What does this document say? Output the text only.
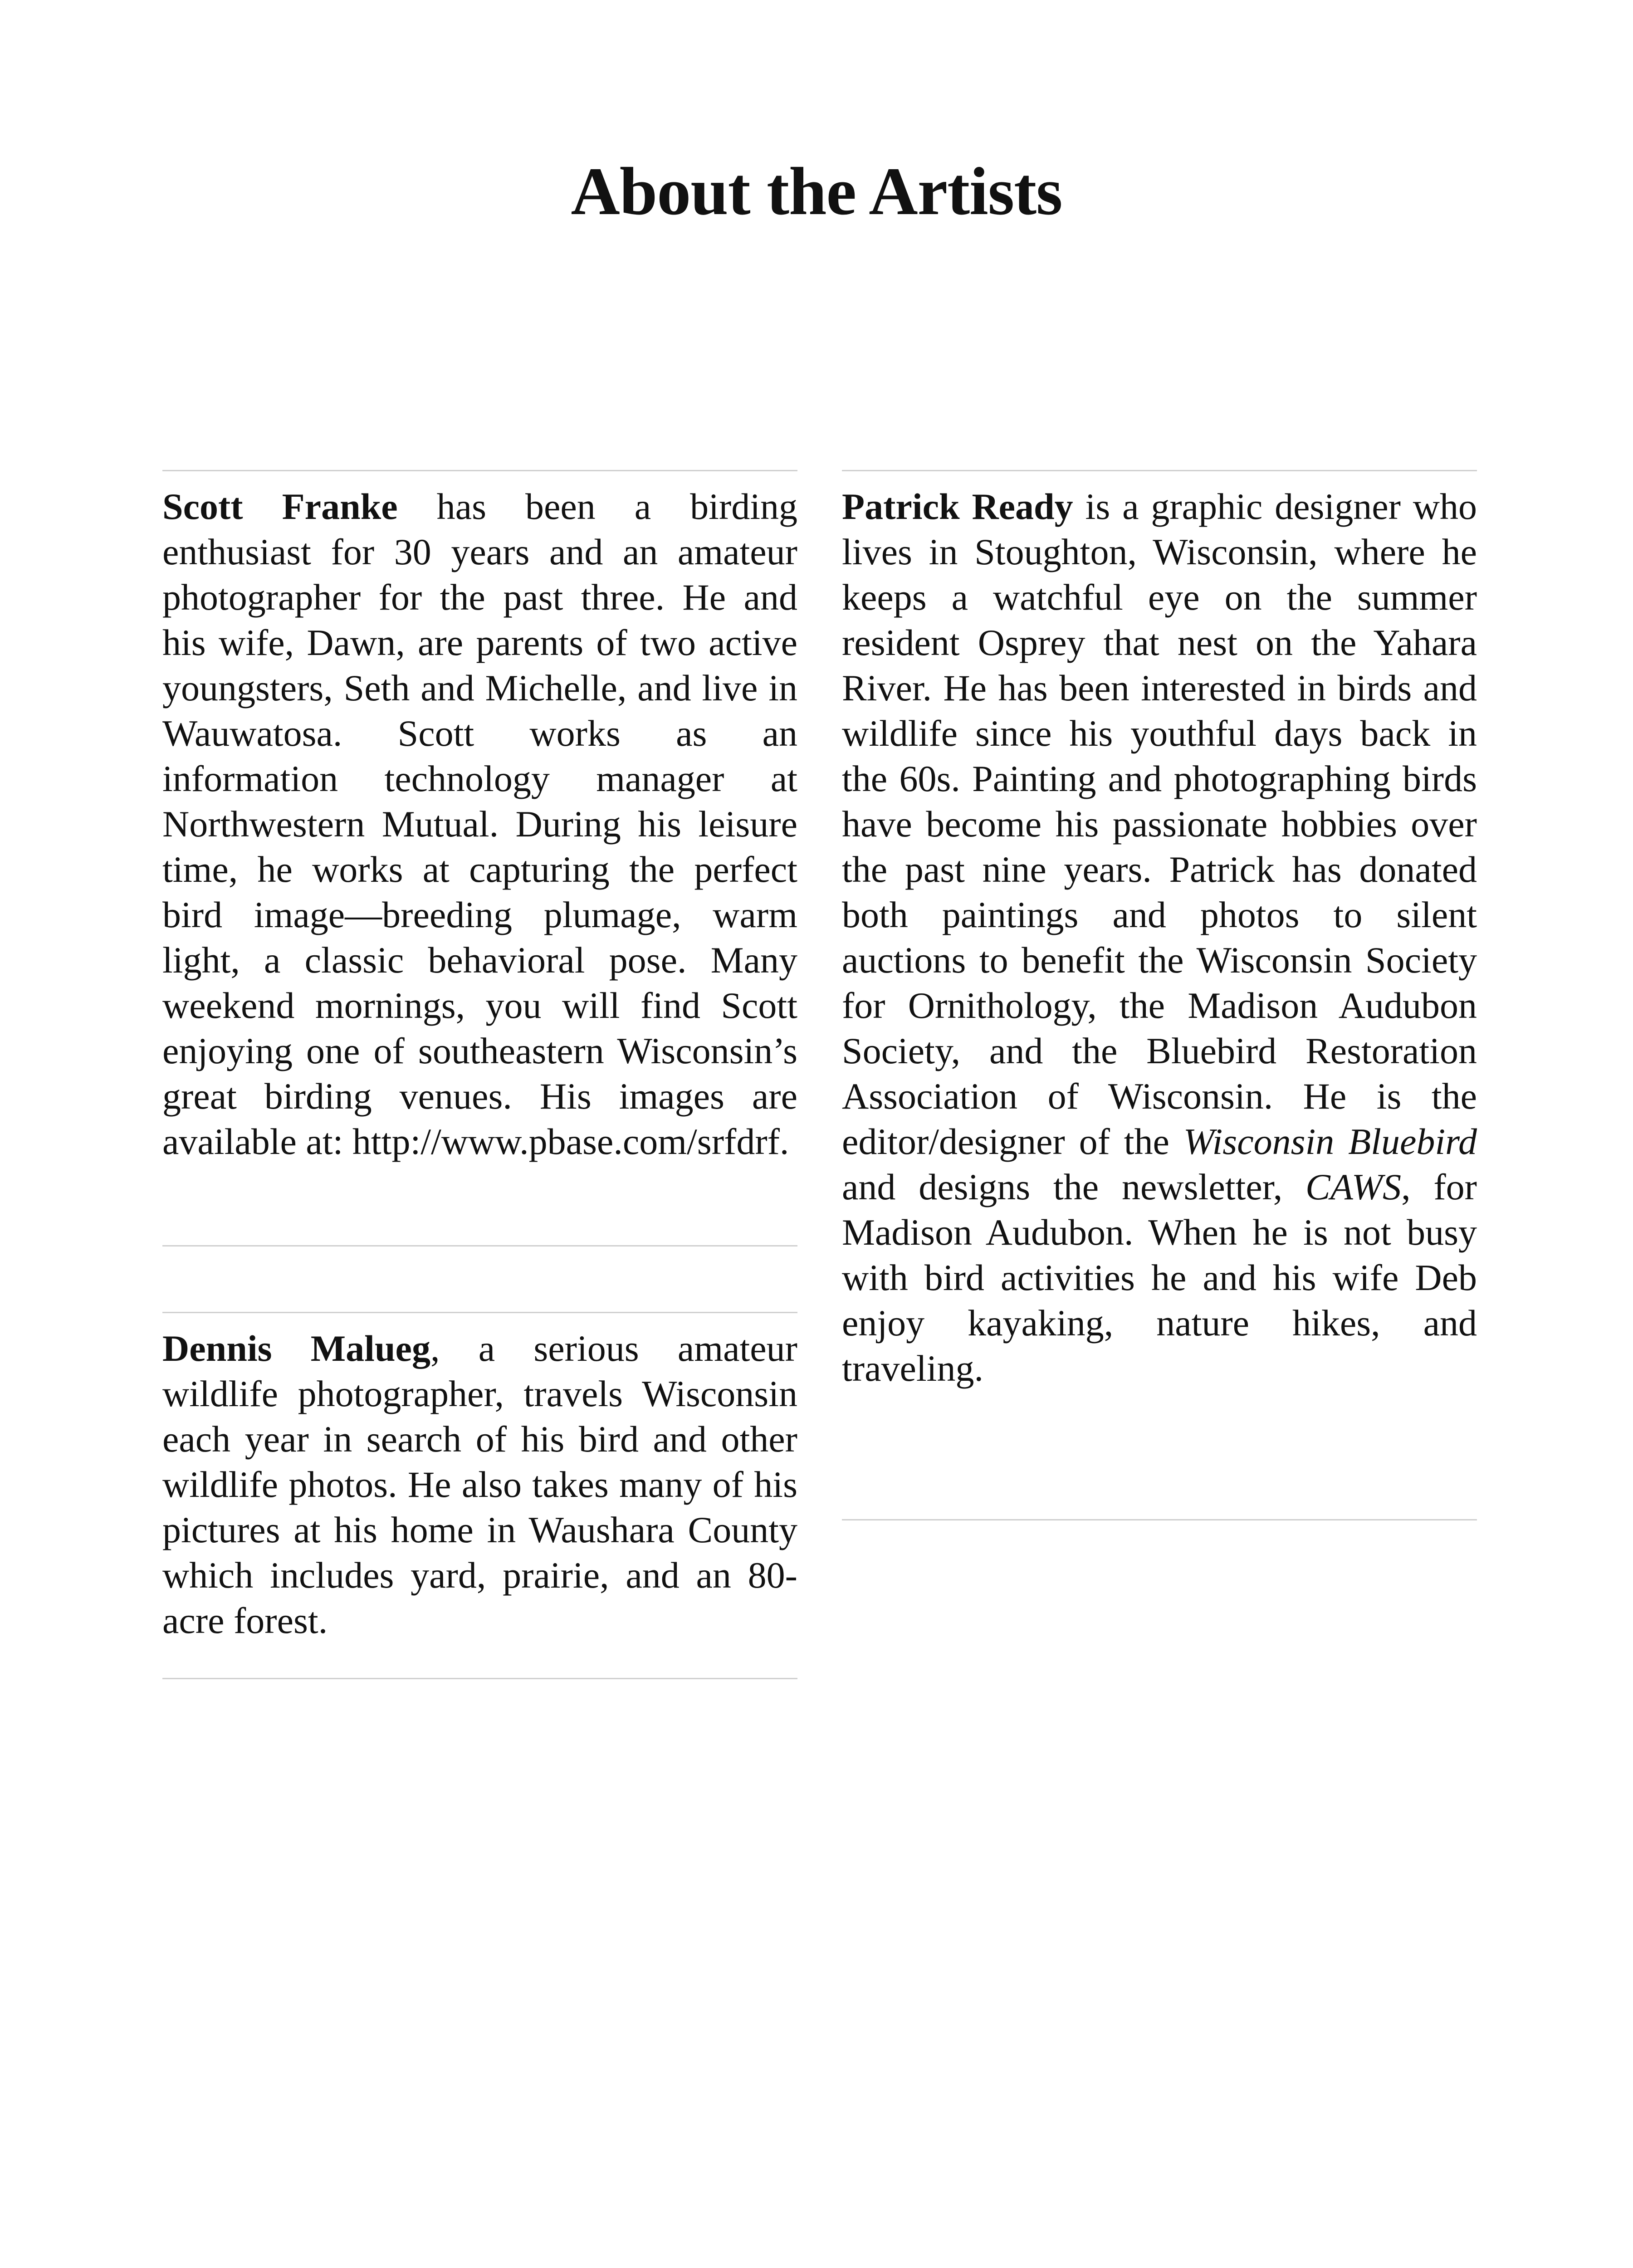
About the Artists

Scott Franke has been a birding enthusiast for 30 years and an amateur photographer for the past three. He and his wife, Dawn, are parents of two active youngsters, Seth and Michelle, and live in Wauwatosa. Scott works as an information technology manager at Northwestern Mutual. During his leisure time, he works at capturing the perfect bird image—breeding plumage, warm light, a classic behavioral pose. Many weekend mornings, you will find Scott enjoying one of southeastern Wisconsin’s great birding venues. His images are available at: http://www.pbase.com/srfdrf.

Dennis Malueg, a serious amateur wildlife photographer, travels Wisconsin each year in search of his bird and other wildlife photos. He also takes many of his pictures at his home in Waushara County which includes yard, prairie, and an 80-acre forest.

Patrick Ready is a graphic designer who lives in Stoughton, Wisconsin, where he keeps a watchful eye on the summer resident Osprey that nest on the Yahara River. He has been interested in birds and wildlife since his youthful days back in the 60s. Painting and photographing birds have become his passionate hobbies over the past nine years. Patrick has donated both paintings and photos to silent auctions to benefit the Wisconsin Society for Ornithology, the Madison Audubon Society, and the Bluebird Restoration Association of Wisconsin. He is the editor/designer of the Wisconsin Bluebird and designs the newsletter, CAWS, for Madison Audubon. When he is not busy with bird activities he and his wife Deb enjoy kayaking, nature hikes, and traveling.
